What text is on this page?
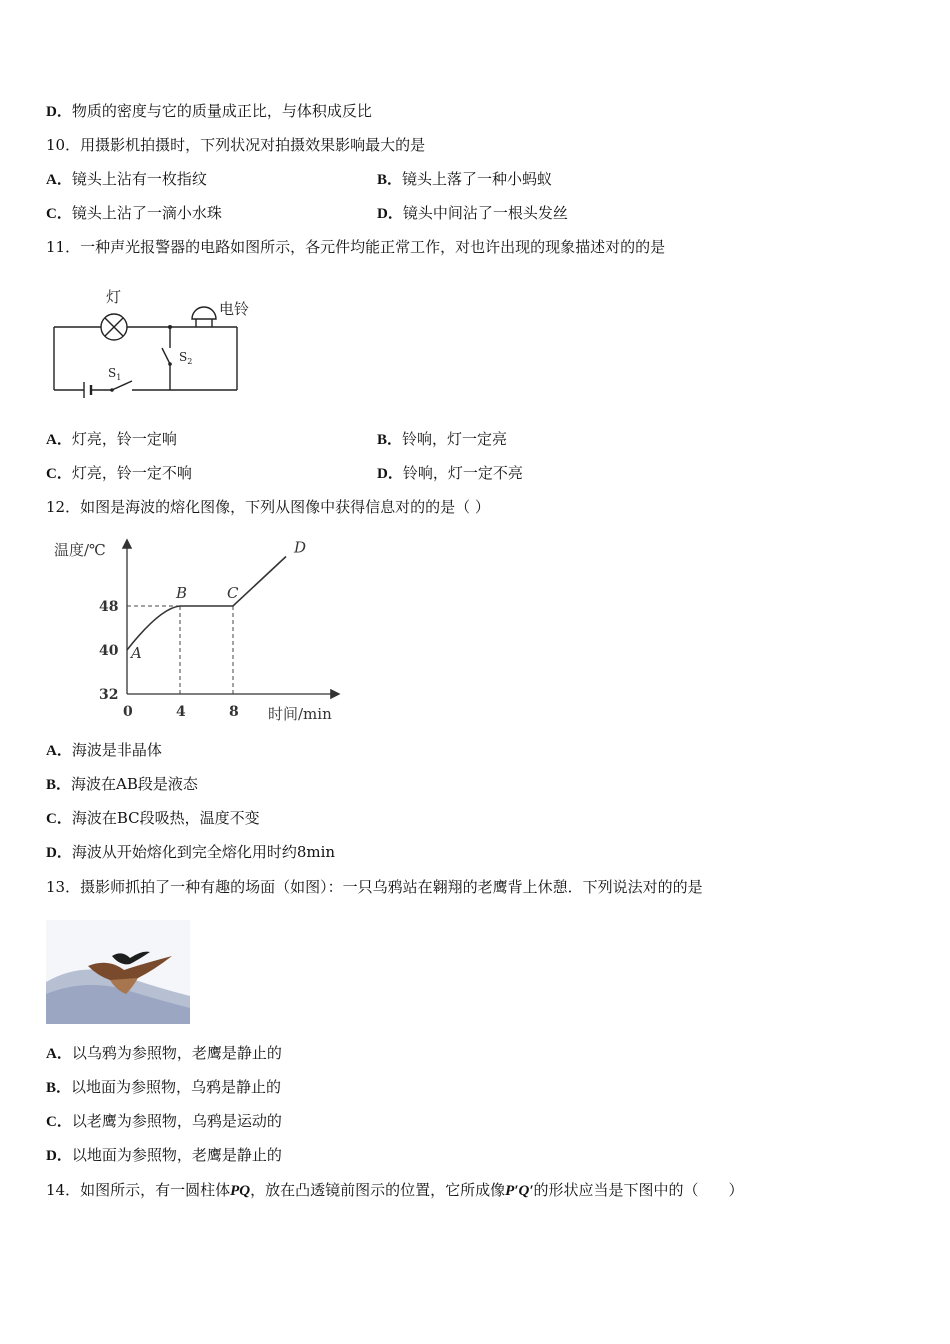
D．物质的密度与它的质量成正比，与体积成反比
10．用摄影机拍摄时，下列状况对拍摄效果影响最大的是
A．镜头上沾有一枚指纹	B．镜头上落了一种小蚂蚁
C．镜头上沾了一滴小水珠	D．镜头中间沾了一根头发丝
11．一种声光报警器的电路如图所示，各元件均能正常工作，对也许出现的现象描述对的的是
灯
电铃
$S_1$
$S_2$
A．灯亮，铃一定响	B．铃响，灯一定亮
C．灯亮，铃一定不响	D．铃响，灯一定不亮
12．如图是海波的熔化图像，下列从图像中获得信息对的的是（ ）
温度/℃
时间/min
A
B	C
D
0	4	8
32
40
48
A．海波是非晶体
B．海波在AB段是液态
C．海波在BC段吸热，温度不变
D．海波从开始熔化到完全熔化用时约8min
13．摄影师抓拍了一种有趣的场面（如图）：一只乌鸦站在翱翔的老鹰背上休憩．下列说法对的的是
A．以乌鸦为参照物，老鹰是静止的
B．以地面为参照物，乌鸦是静止的
C．以老鹰为参照物，乌鸦是运动的
D．以地面为参照物，老鹰是静止的
14．如图所示，有一圆柱体PQ，放在凸透镜前图示的位置，它所成像P′Q′的形状应当是下图中的（　　）
